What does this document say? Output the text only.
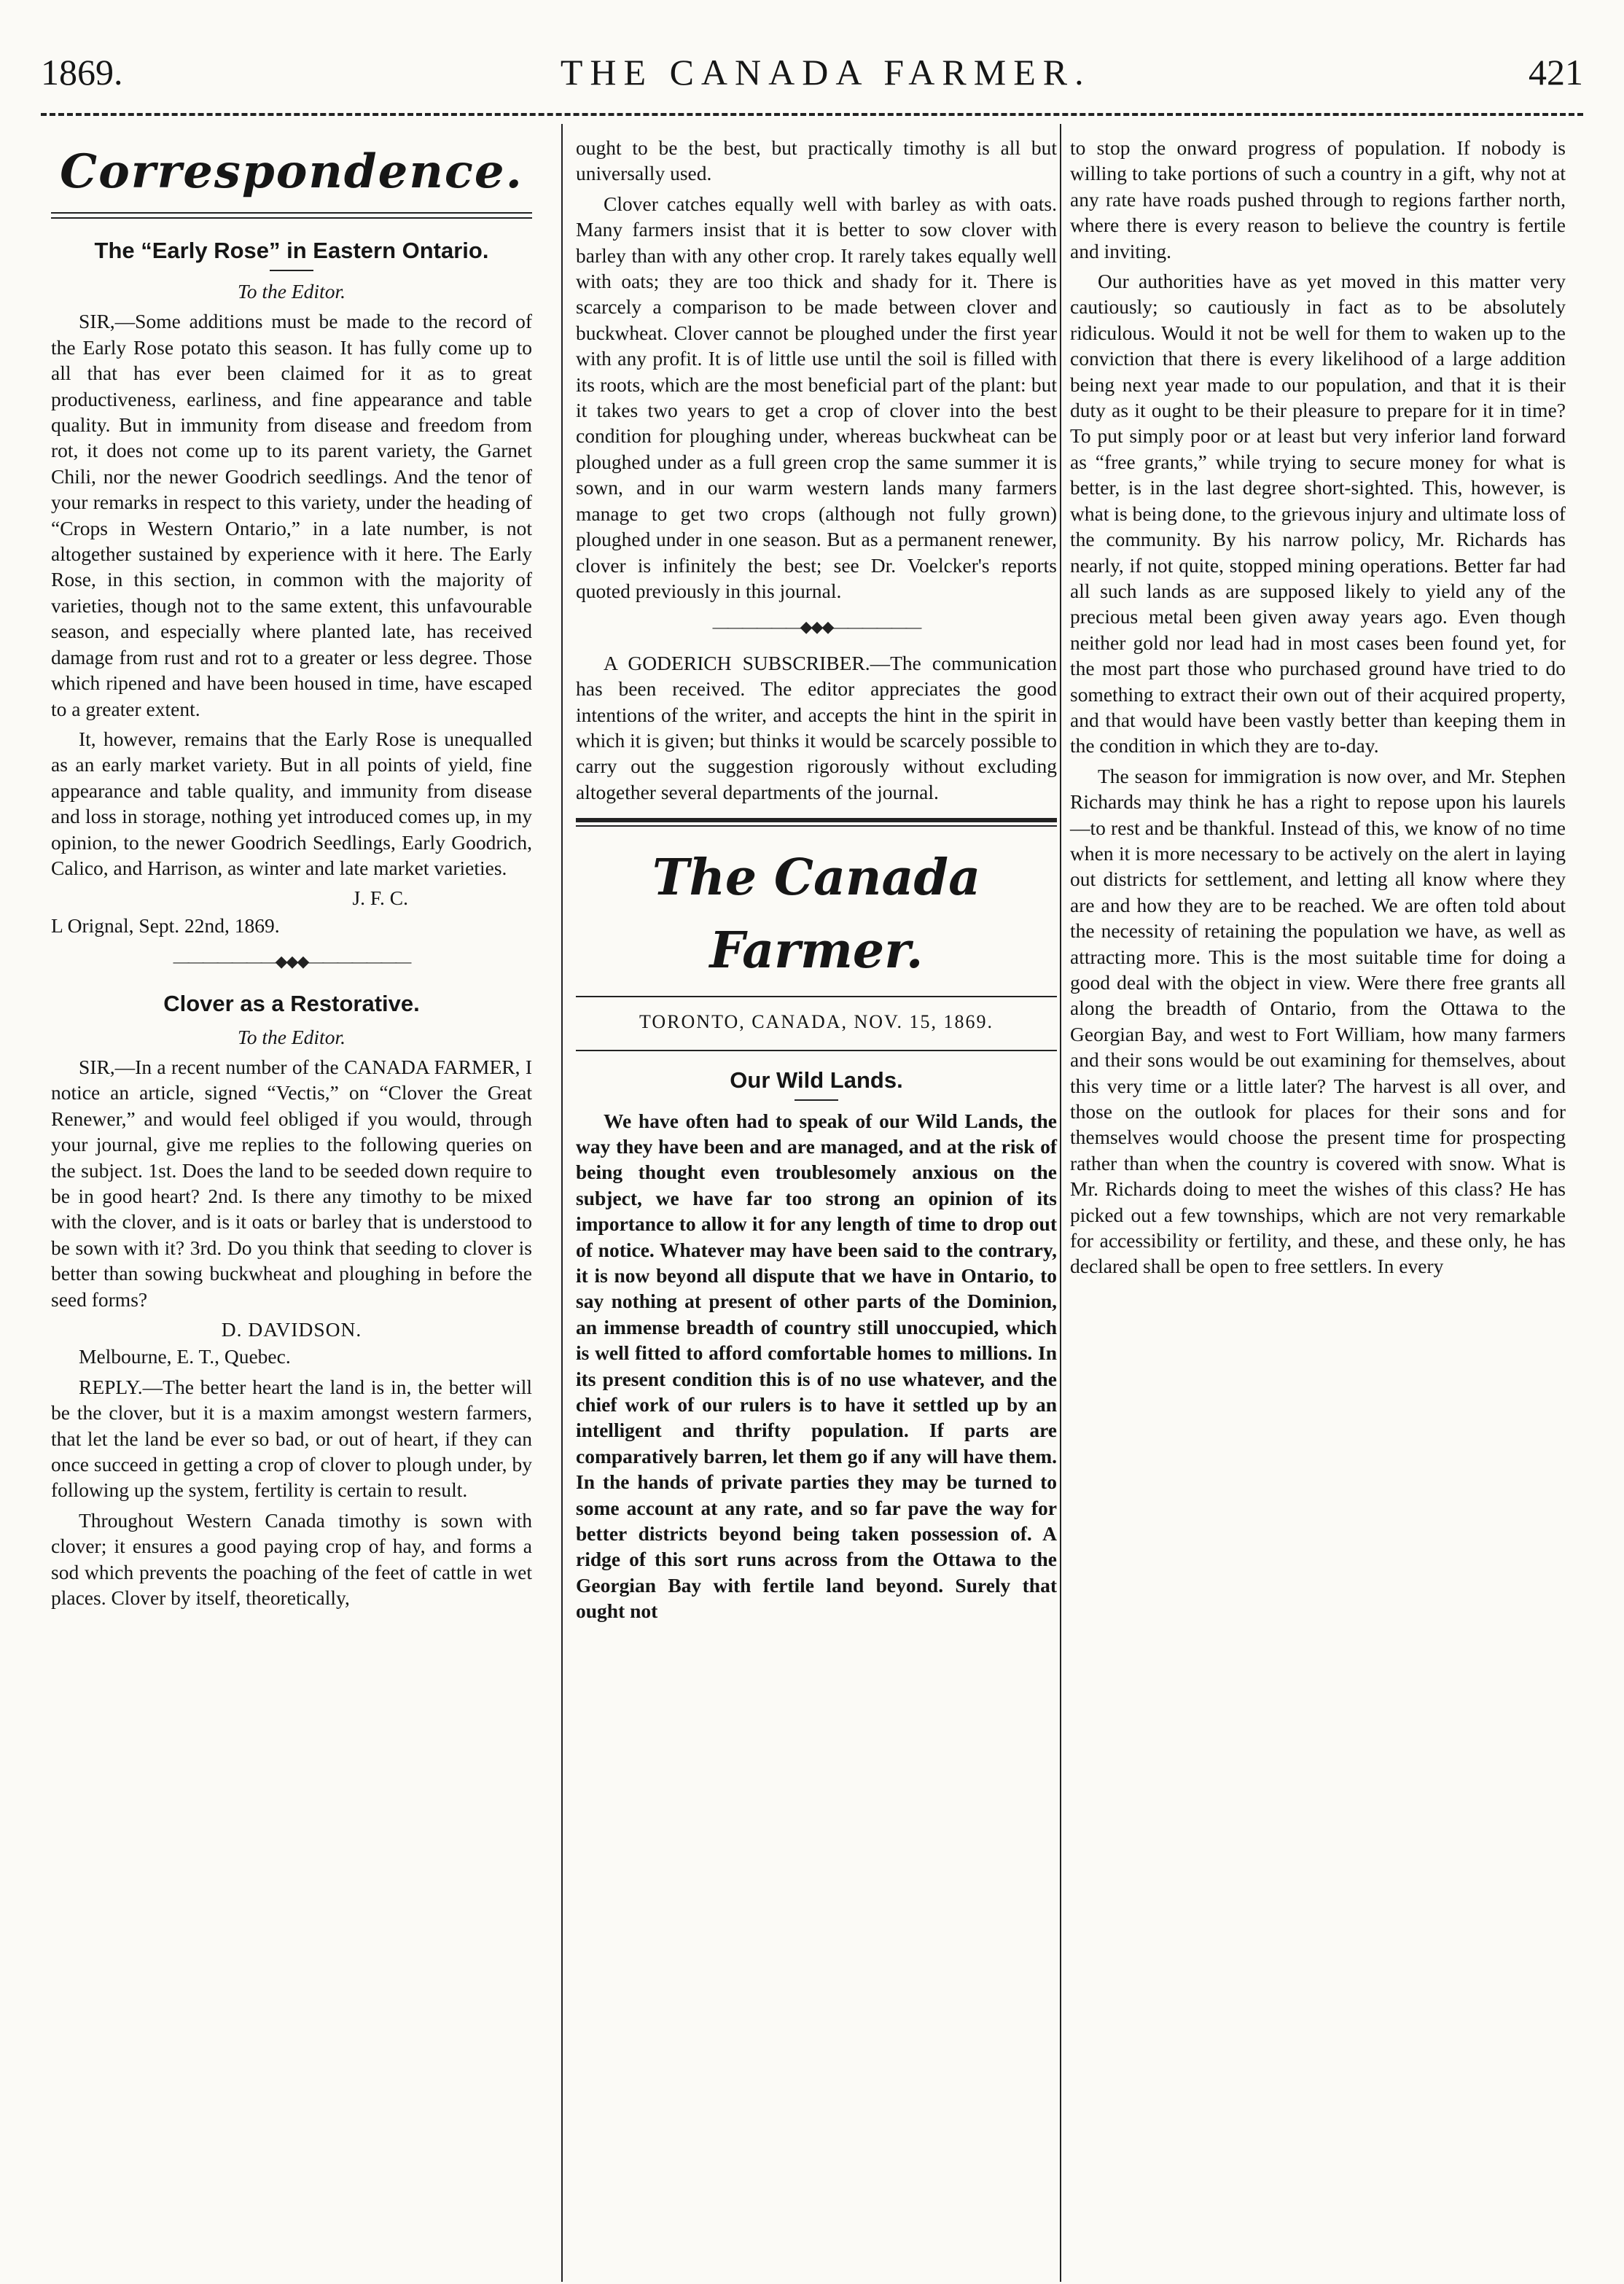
1869.	THE CANADA FARMER.	421
Correspondence.
The “Early Rose” in Eastern Ontario.
To the Editor.

SIR,—Some additions must be made to the record of the Early Rose potato this season. It has fully come up to all that has ever been claimed for it as to great productiveness, earliness, and fine appearance and table quality. But in immunity from disease and freedom from rot, it does not come up to its parent variety, the Garnet Chili, nor the newer Goodrich seedlings. And the tenor of your remarks in respect to this variety, under the heading of “Crops in Western Ontario,” in a late number, is not altogether sustained by experience with it here. The Early Rose, in this section, in common with the majority of varieties, though not to the same extent, this unfavourable season, and especially where planted late, has received damage from rust and rot to a greater or less degree. Those which ripened and have been housed in time, have escaped to a greater extent.

It, however, remains that the Early Rose is unequalled as an early market variety. But in all points of yield, fine appearance and table quality, and immunity from disease and loss in storage, nothing yet introduced comes up, in my opinion, to the newer Goodrich Seedlings, Early Goodrich, Calico, and Harrison, as winter and late market varieties.

J. F. C.
L Orignal, Sept. 22nd, 1869.
―――――――◆◆◆―――――――
Clover as a Restorative.
To the Editor.

SIR,—In a recent number of the CANADA FARMER, I notice an article, signed “Vectis,” on “Clover the Great Renewer,” and would feel obliged if you would, through your journal, give me replies to the following queries on the subject. 1st. Does the land to be seeded down require to be in good heart? 2nd. Is there any timothy to be mixed with the clover, and is it oats or barley that is understood to be sown with it? 3rd. Do you think that seeding to clover is better than sowing buckwheat and ploughing in before the seed forms?

D. DAVIDSON.

Melbourne, E. T., Quebec.

REPLY.—The better heart the land is in, the better will be the clover, but it is a maxim amongst western farmers, that let the land be ever so bad, or out of heart, if they can once succeed in getting a crop of clover to plough under, by following up the system, fertility is certain to result.

Throughout Western Canada timothy is sown with clover; it ensures a good paying crop of hay, and forms a sod which prevents the poaching of the feet of cattle in wet places. Clover by itself, theoretically,

ought to be the best, but practically timothy is all but universally used.

Clover catches equally well with barley as with oats. Many farmers insist that it is better to sow clover with barley than with any other crop. It rarely takes equally well with oats; they are too thick and shady for it. There is scarcely a comparison to be made between clover and buckwheat. Clover cannot be ploughed under the first year with any profit. It is of little use until the soil is filled with its roots, which are the most beneficial part of the plant: but it takes two years to get a crop of clover into the best condition for ploughing under, whereas buckwheat can be ploughed under as a full green crop the same summer it is sown, and in our warm western lands many farmers manage to get two crops (although not fully grown) ploughed under in one season. But as a permanent renewer, clover is infinitely the best; see Dr. Voelcker's reports quoted previously in this journal.

――――――◆◆◆――――――

A GODERICH SUBSCRIBER.—The communication has been received. The editor appreciates the good intentions of the writer, and accepts the hint in the spirit in which it is given; but thinks it would be scarcely possible to carry out the suggestion rigorously without excluding altogether several departments of the journal.

The Canada Farmer.
TORONTO, CANADA, NOV. 15, 1869.
Our Wild Lands.

We have often had to speak of our Wild Lands, the way they have been and are managed, and at the risk of being thought even troublesomely anxious on the subject, we have far too strong an opinion of its importance to allow it for any length of time to drop out of notice. Whatever may have been said to the contrary, it is now beyond all dispute that we have in Ontario, to say nothing at present of other parts of the Dominion, an immense breadth of country still unoccupied, which is well fitted to afford comfortable homes to millions. In its present condition this is of no use whatever, and the chief work of our rulers is to have it settled up by an intelligent and thrifty population. If parts are comparatively barren, let them go if any will have them. In the hands of private parties they may be turned to some account at any rate, and so far pave the way for better districts beyond being taken possession of. A ridge of this sort runs across from the Ottawa to the Georgian Bay with fertile land beyond. Surely that ought not

to stop the onward progress of population. If nobody is willing to take portions of such a country in a gift, why not at any rate have roads pushed through to regions farther north, where there is every reason to believe the country is fertile and inviting.

Our authorities have as yet moved in this matter very cautiously; so cautiously in fact as to be absolutely ridiculous. Would it not be well for them to waken up to the conviction that there is every likelihood of a large addition being next year made to our population, and that it is their duty as it ought to be their pleasure to prepare for it in time? To put simply poor or at least but very inferior land forward as “free grants,” while trying to secure money for what is better, is in the last degree short-sighted. This, however, is what is being done, to the grievous injury and ultimate loss of the community. By his narrow policy, Mr. Richards has nearly, if not quite, stopped mining operations. Better far had all such lands as are supposed likely to yield any of the precious metal been given away years ago. Even though neither gold nor lead had in most cases been found yet, for the most part those who purchased ground have tried to do something to extract their own out of their acquired property, and that would have been vastly better than keeping them in the condition in which they are to-day.

The season for immigration is now over, and Mr. Stephen Richards may think he has a right to repose upon his laurels—to rest and be thankful. Instead of this, we know of no time when it is more necessary to be actively on the alert in laying out districts for settlement, and letting all know where they are and how they are to be reached. We are often told about the necessity of retaining the population we have, as well as attracting more. This is the most suitable time for doing a good deal with the object in view. Were there free grants all along the breadth of Ontario, from the Ottawa to the Georgian Bay, and west to Fort William, how many farmers and their sons would be out examining for themselves, about this very time or a little later? The harvest is all over, and those on the outlook for places for their sons and for themselves would choose the present time for prospecting rather than when the country is covered with snow. What is Mr. Richards doing to meet the wishes of this class? He has picked out a few townships, which are not very remarkable for accessibility or fertility, and these, and these only, he has declared shall be open to free settlers. In every
